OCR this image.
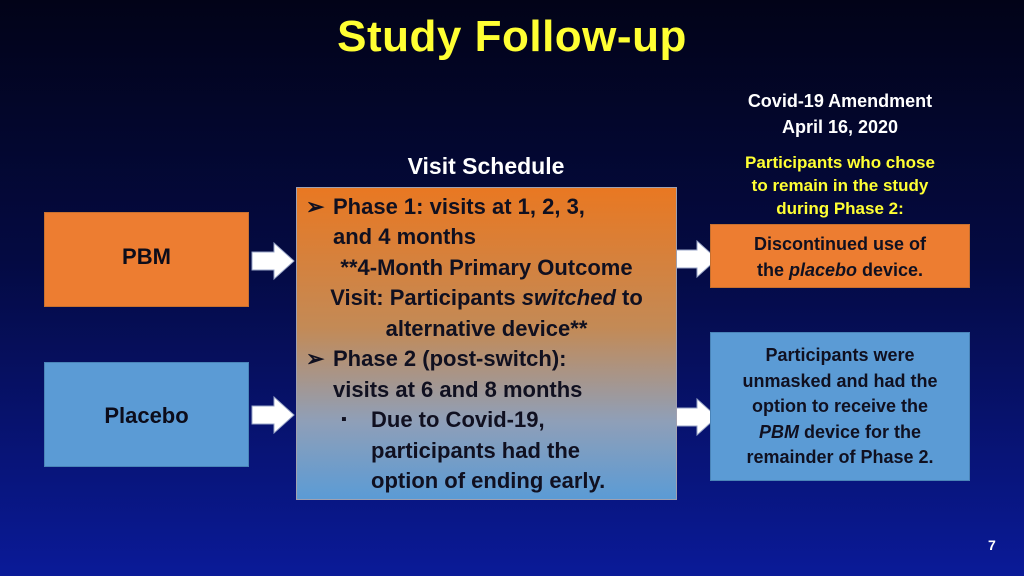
Study Follow-up
Covid-19 Amendment
April 16, 2020
Participants who chose
to remain in the study
during Phase 2:
Visit Schedule
PBM
Placebo
➢ Phase 1: visits at 1, 2, 3,
and 4 months
**4-Month Primary Outcome
Visit: Participants switched to
alternative device**
➢ Phase 2 (post-switch):
visits at 6 and 8 months
▪ Due to Covid-19,
participants had the
option of ending early.
Discontinued use of
the placebo device.
Participants were
unmasked and had the
option to receive the
PBM device for the
remainder of Phase 2.
7
